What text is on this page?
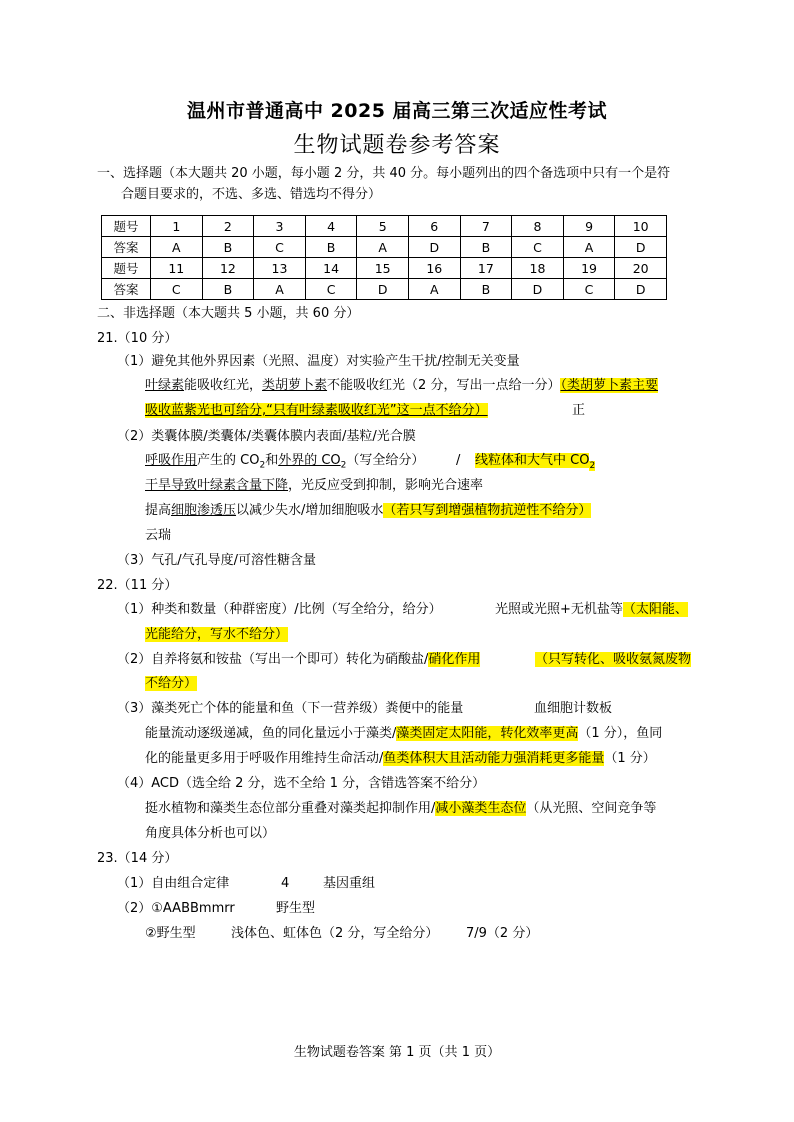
温州市普通高中 2025 届高三第三次适应性考试
生物试题卷参考答案
一、选择题（本大题共 20 小题，每小题 2 分，共 40 分。每小题列出的四个备选项中只有一个是符
合题目要求的，不选、多选、错选均不得分）
题号	1	2	3	4	5	6	7	8	9	10
答案	A	B	C	B	A	D	B	C	A	D
题号	11	12	13	14	15	16	17	18	19	20
答案	C	B	A	C	D	A	B	D	C	D
二、非选择题（本大题共 5 小题，共 60 分）
21.（10 分）
（1）避免其他外界因素（光照、温度）对实验产生干扰/控制无关变量
叶绿素能吸收红光，类胡萝卜素不能吸收红光（2 分，写出一点给一分）（类胡萝卜素主要
吸收蓝紫光也可给分,“只有叶绿素吸收红光”这一点不给分）	正
（2）类囊体膜/类囊体/类囊体膜内表面/基粒/光合膜
呼吸作用产生的 $CO_2$和外界的 $CO_2$（写全给分） / 线粒体和大气中 $CO_2$
干旱导致叶绿素含量下降，光反应受到抑制，影响光合速率
提高细胞渗透压以减少失水/增加细胞吸水（若只写到增强植物抗逆性不给分）
云瑞
（3）气孔/气孔导度/可溶性糖含量
22.（11 分）
（1）种类和数量（种群密度）/比例（写全给分，给分）	光照或光照+无机盐等（太阳能、
光能给分，写水不给分）
（2）自养 将氨和铵盐（写出一个即可）转化为硝酸盐/硝化作用	（只写转化、吸收氨氮废物
不给分）
（3）藻类死亡个体的能量和鱼（下一营养级）粪便中的能量	血细胞计数板
能量流动逐级递减，鱼的同化量远小于藻类/藻类固定太阳能，转化效率更高（1 分），鱼同
化的能量更多用于呼吸作用维持生命活动/鱼类体积大且活动能力强消耗更多能量（1 分）
（4）ACD（选全给 2 分，选不全给 1 分，含错选答案不给分）
挺水植物和藻类生态位部分重叠对藻类起抑制作用/减小藻类生态位（从光照、空间竞争等
角度具体分析也可以）
23.（14 分）
（1）自由组合定律	4	基因重组
（2）①AABBmmrr	野生型
②野生型	浅体色、虹体色（2 分，写全给分） 7/9（2 分）
生物试题卷答案 第 1 页（共 1 页）
